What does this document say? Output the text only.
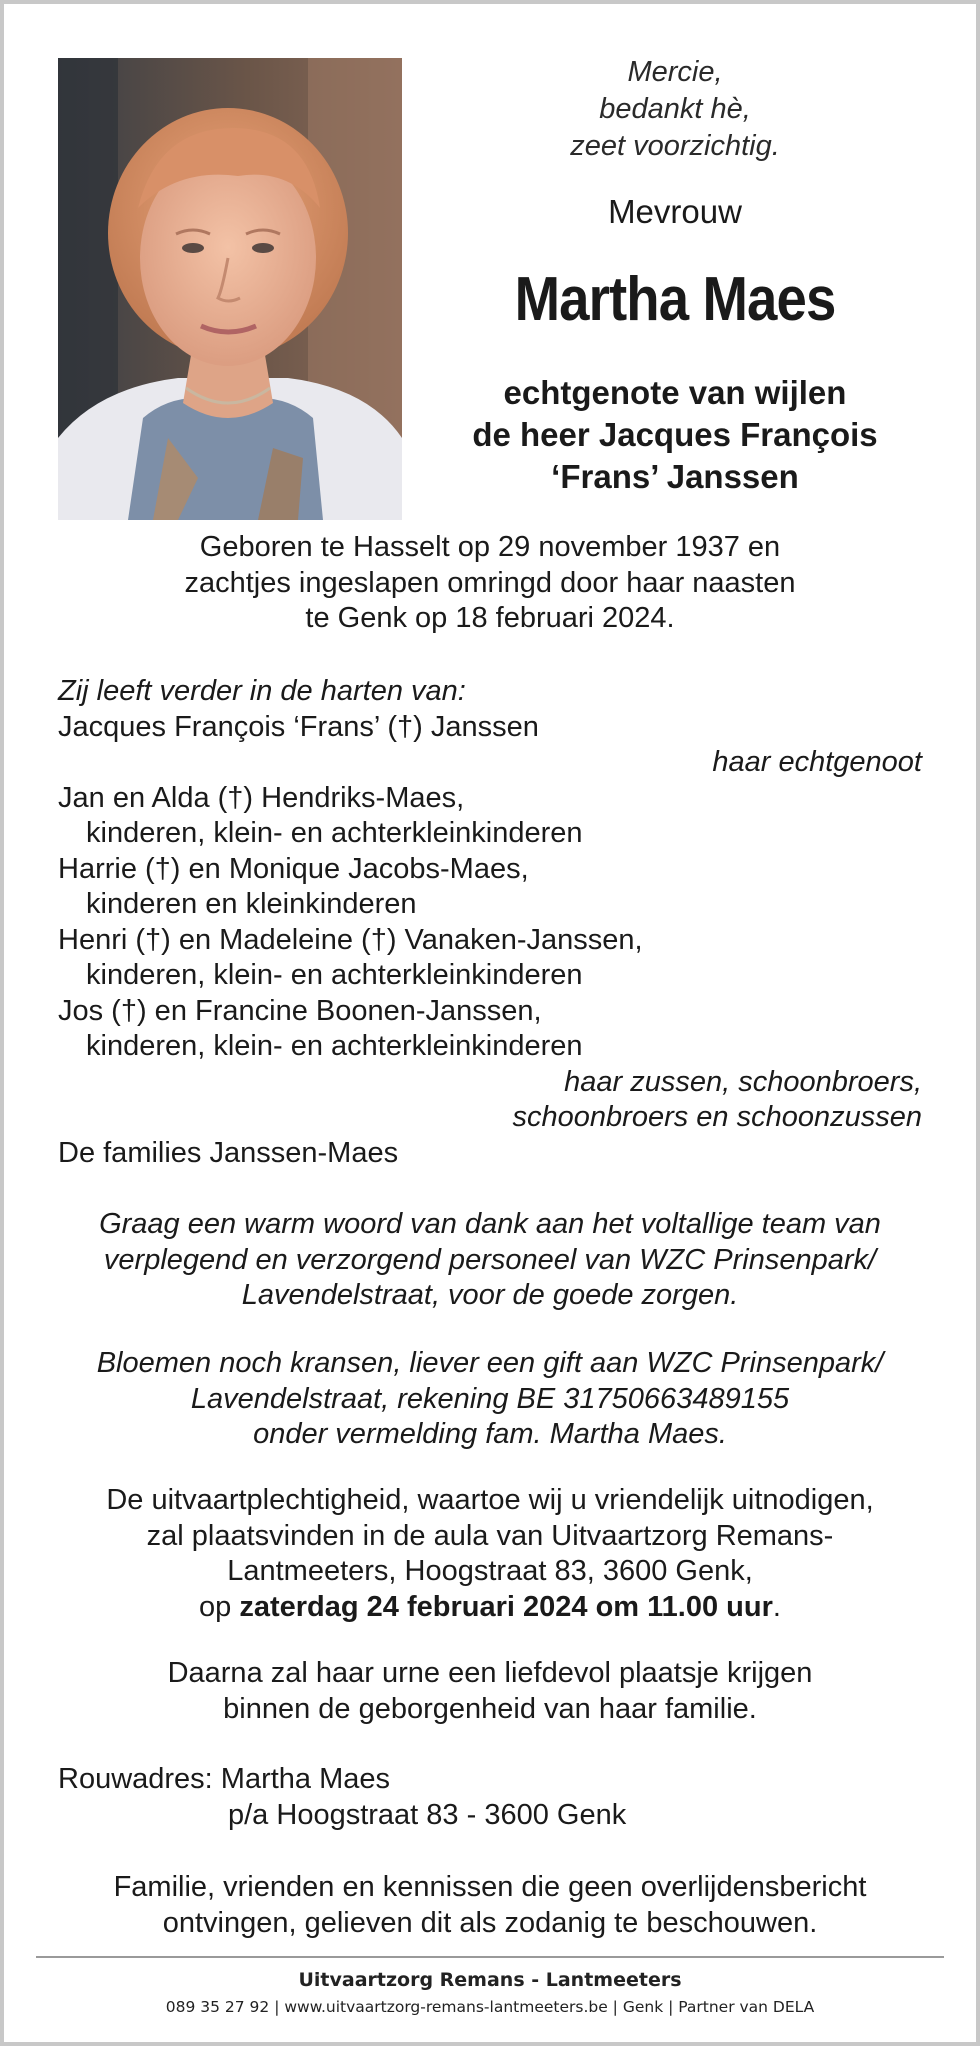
Mercie,
bedankt hè,
zeet voorzichtig.
Mevrouw
Martha Maes
echtgenote van wijlen
de heer Jacques François
‘Frans’ Janssen
Geboren te Hasselt op 29 november 1937 en
zachtjes ingeslapen omringd door haar naasten
te Genk op 18 februari 2024.
Zij leeft verder in de harten van:
Jacques François ‘Frans’ (†) Janssen
haar echtgenoot
Jan en Alda (†) Hendriks-Maes,
kinderen, klein- en achterkleinkinderen
Harrie (†) en Monique Jacobs-Maes,
kinderen en kleinkinderen
Henri (†) en Madeleine (†) Vanaken-Janssen,
kinderen, klein- en achterkleinkinderen
Jos (†) en Francine Boonen-Janssen,
kinderen, klein- en achterkleinkinderen
haar zussen, schoonbroers,
schoonbroers en schoonzussen
De families Janssen-Maes
Graag een warm woord van dank aan het voltallige team van
verplegend en verzorgend personeel van WZC Prinsenpark/
Lavendelstraat, voor de goede zorgen.
Bloemen noch kransen, liever een gift aan WZC Prinsenpark/
Lavendelstraat, rekening BE 31750663489155
onder vermelding fam. Martha Maes.
De uitvaartplechtigheid, waartoe wij u vriendelijk uitnodigen,
zal plaatsvinden in de aula van Uitvaartzorg Remans-
Lantmeeters, Hoogstraat 83, 3600 Genk,
op zaterdag 24 februari 2024 om 11.00 uur.
Daarna zal haar urne een liefdevol plaatsje krijgen
binnen de geborgenheid van haar familie.
Rouwadres: Martha Maes
p/a Hoogstraat 83 - 3600 Genk
Familie, vrienden en kennissen die geen overlijdensbericht
ontvingen, gelieven dit als zodanig te beschouwen.
Uitvaartzorg Remans - Lantmeeters
089 35 27 92 | www.uitvaartzorg-remans-lantmeeters.be | Genk | Partner van DELA
